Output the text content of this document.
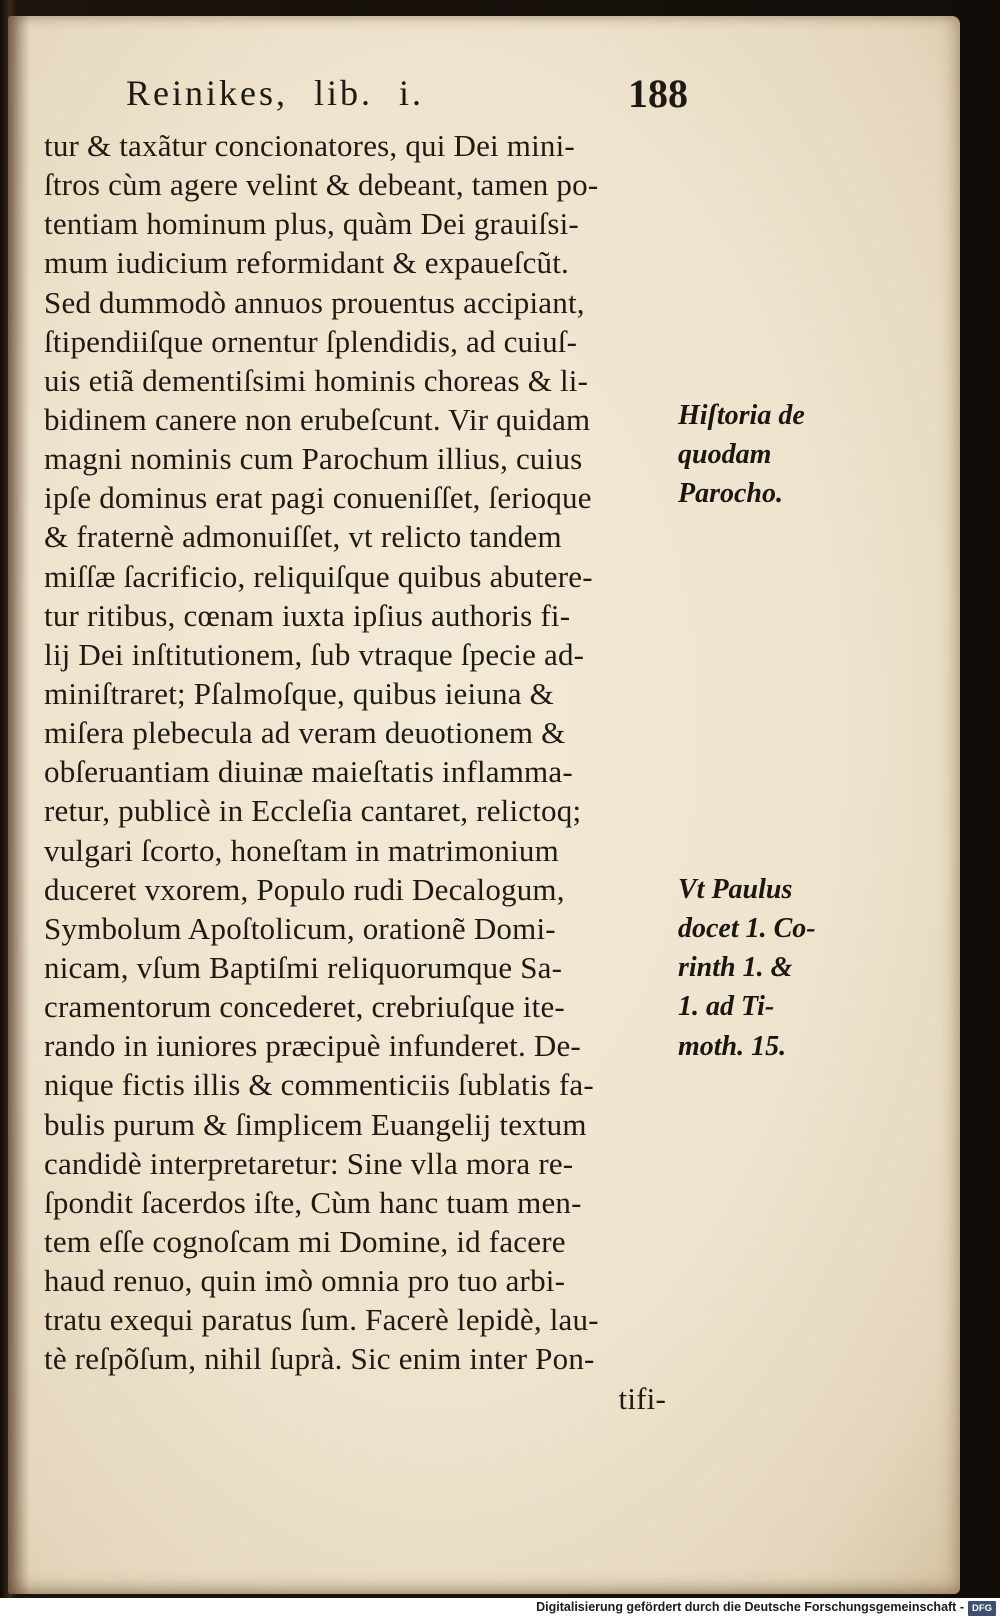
Reinikes, lib. i.	188
tur & taxãtur concionatores, qui Dei mini-
ſtros cùm agere velint & debeant, tamen po-
tentiam hominum plus, quàm Dei grauiſsi-
mum iudicium reformidant & expaueſcũt.
Sed dummodò annuos prouentus accipiant,
ſtipendiiſque ornentur ſplendidis, ad cuiuſ-
uis etiã dementiſsimi hominis choreas & li-
bidinem canere non erubeſcunt. Vir quidam
magni nominis cum Parochum illius, cuius
ipſe dominus erat pagi conueniſſet, ſerioque
& fraternè admonuiſſet, vt relicto tandem
miſſæ ſacrificio, reliquiſque quibus abutere-
tur ritibus, cœnam iuxta ipſius authoris fi-
lij Dei inſtitutionem, ſub vtraque ſpecie ad-
miniſtraret; Pſalmoſque, quibus ieiuna &
miſera plebecula ad veram deuotionem &
obſeruantiam diuinæ maieſtatis inflamma-
retur, publicè in Eccleſia cantaret, relictoq;
vulgari ſcorto, honeſtam in matrimonium
duceret vxorem, Populo rudi Decalogum,
Symbolum Apoſtolicum, orationẽ Domi-
nicam, vſum Baptiſmi reliquorumque Sa-
cramentorum concederet, crebriuſque ite-
rando in iuniores præcipuè infunderet. De-
nique fictis illis & commenticiis ſublatis fa-
bulis purum & ſimplicem Euangelij textum
candidè interpretaretur: Sine vlla mora re-
ſpondit ſacerdos iſte, Cùm hanc tuam men-
tem eſſe cognoſcam mi Domine, id facere
haud renuo, quin imò omnia pro tuo arbi-
tratu exequi paratus ſum. Facerè lepidè, lau-
tè reſpõſum, nihil ſuprà. Sic enim inter Pon-
tifi-
Hiſtoria de
quodam
Parocho.
Vt Paulus
docet 1. Co-
rinth 1. &
1. ad Ti-
moth. 15.
Digitalisierung gefördert durch die Deutsche Forschungsgemeinschaft - DFG
